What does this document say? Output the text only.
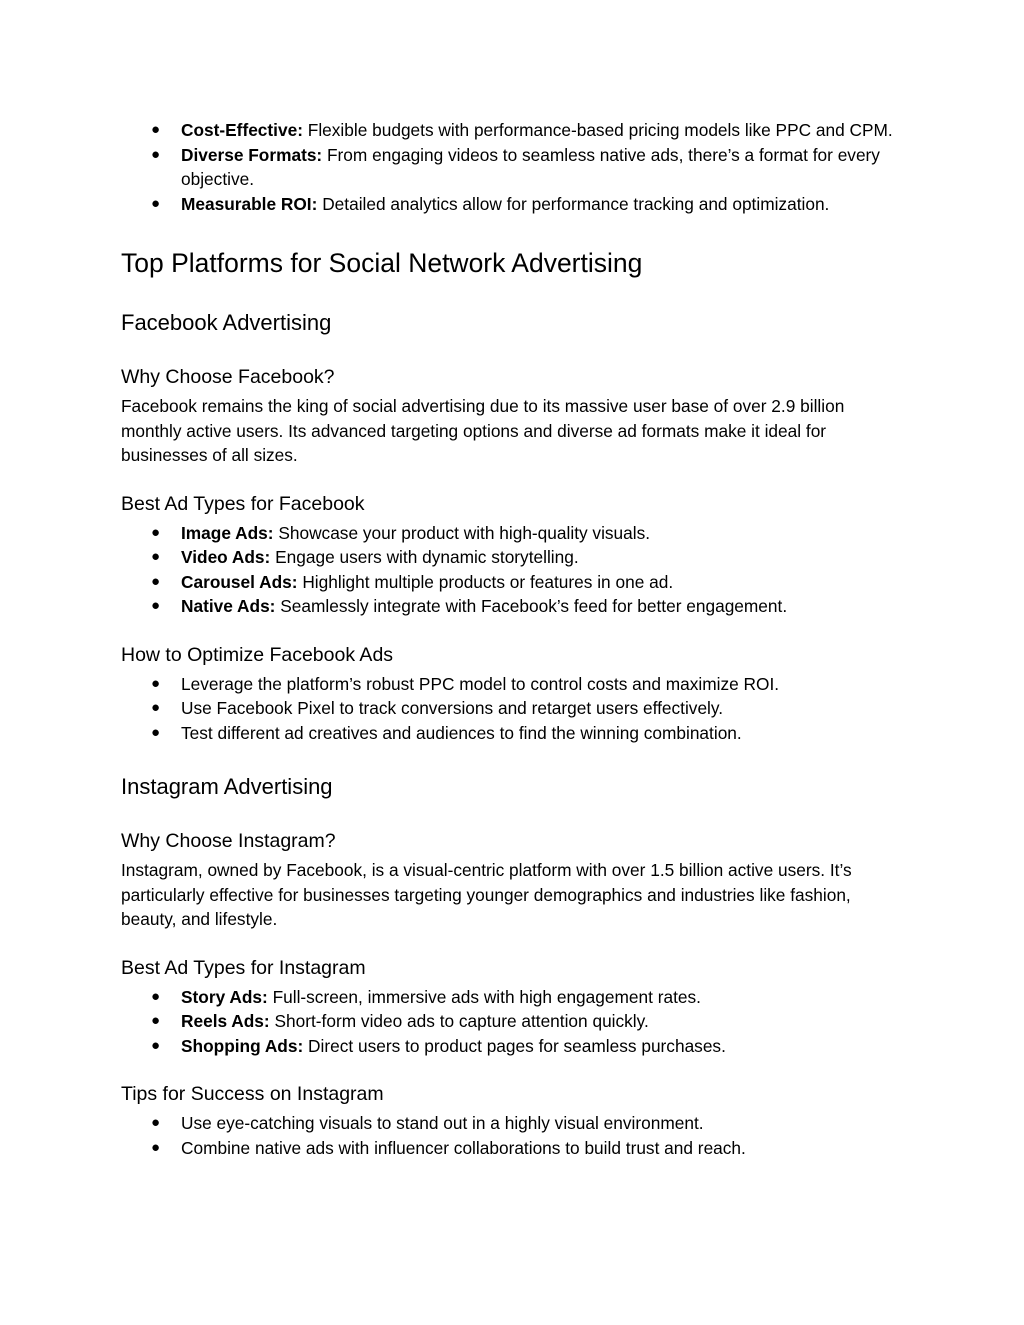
● Cost-Effective: Flexible budgets with performance-based pricing models like PPC and CPM.
● Diverse Formats: From engaging videos to seamless native ads, there’s a format for every objective.
● Measurable ROI: Detailed analytics allow for performance tracking and optimization.
Top Platforms for Social Network Advertising
Facebook Advertising
Why Choose Facebook?

Facebook remains the king of social advertising due to its massive user base of over 2.9 billion monthly active users. Its advanced targeting options and diverse ad formats make it ideal for businesses of all sizes.

Best Ad Types for Facebook
● Image Ads: Showcase your product with high-quality visuals.
● Video Ads: Engage users with dynamic storytelling.
● Carousel Ads: Highlight multiple products or features in one ad.
● Native Ads: Seamlessly integrate with Facebook’s feed for better engagement.
How to Optimize Facebook Ads
● Leverage the platform’s robust PPC model to control costs and maximize ROI.
● Use Facebook Pixel to track conversions and retarget users effectively.
● Test different ad creatives and audiences to find the winning combination.
Instagram Advertising
Why Choose Instagram?

Instagram, owned by Facebook, is a visual-centric platform with over 1.5 billion active users. It’s particularly effective for businesses targeting younger demographics and industries like fashion, beauty, and lifestyle.

Best Ad Types for Instagram
● Story Ads: Full-screen, immersive ads with high engagement rates.
● Reels Ads: Short-form video ads to capture attention quickly.
● Shopping Ads: Direct users to product pages for seamless purchases.
Tips for Success on Instagram
● Use eye-catching visuals to stand out in a highly visual environment.
● Combine native ads with influencer collaborations to build trust and reach.
